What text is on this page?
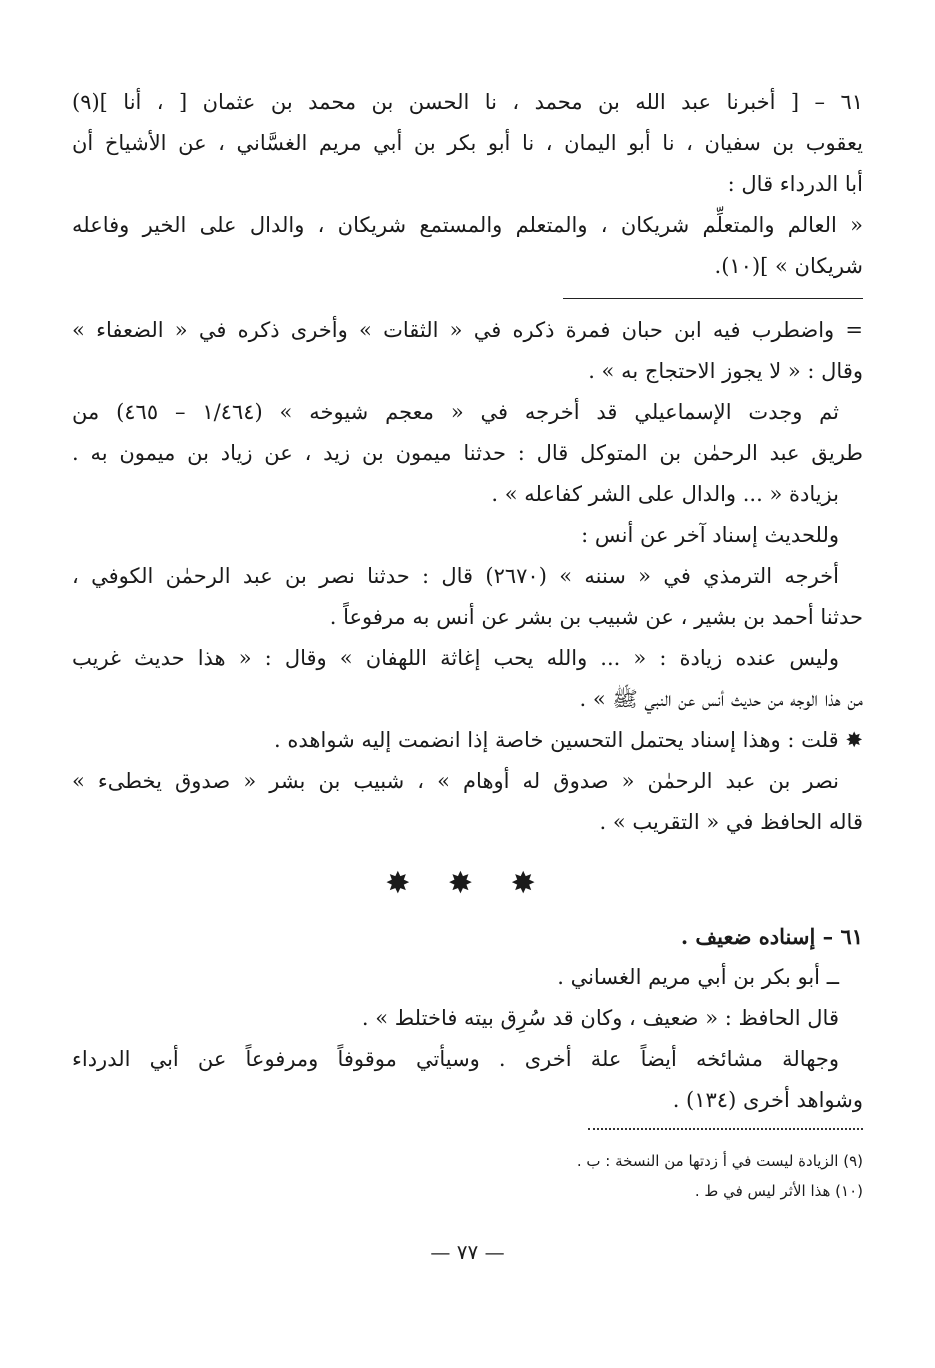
٦١ – [ أخبرنا عبد الله بن محمد ، نا الحسن بن محمد بن عثمان [ ، أنا ](٩)
يعقوب بن سفيان ، نا أبو اليمان ، نا أبو بكر بن أبي مريم الغسَّاني ، عن الأشياخ أن
أبا الدرداء قال :
« العالم والمتعلِّم شريكان ، والمتعلم والمستمع شريكان ، والدال على الخير وفاعله
شريكان » ](١٠).
= واضطرب فيه ابن حبان فمرة ذكره في « الثقات » وأخرى ذكره في « الضعفاء »
وقال : « لا يجوز الاحتجاج به » .
ثم وجدت الإسماعيلي قد أخرجه في « معجم شيوخه » (١/٤٦٤ – ٤٦٥) من
طريق عبد الرحمٰن بن المتوكل قال : حدثنا ميمون بن زيد ، عن زياد بن ميمون به .
بزيادة « ... والدال على الشر كفاعله » .
وللحديث إسناد آخر عن أنس :
أخرجه الترمذي في « سننه » (٢٦٧٠) قال : حدثنا نصر بن عبد الرحمٰن الكوفي ،
حدثنا أحمد بن بشير ، عن شبيب بن بشر عن أنس به مرفوعاً .
وليس عنده زيادة : « ... والله يحب إغاثة اللهفان » وقال : « هذا حديث غريب
من هذا الوجه من حديث أنس عن النبي ﷺ » .
✸ قلت : وهذا إسناد يحتمل التحسين خاصة إذا انضمت إليه شواهده .
نصر بن عبد الرحمٰن « صدوق له أوهام » ، شبيب بن بشر « صدوق يخطىء »
قاله الحافظ في « التقريب » .
✸ ✸ ✸
٦١ – إسناده ضعيف .
ــ أبو بكر بن أبي مريم الغساني .
قال الحافظ : « ضعيف ، وكان قد سُرِق بيته فاختلط » .
وجهالة مشائخه أيضاً علة أخرى . وسيأتي موقوفاً ومرفوعاً عن أبي الدرداء
وشواهد أخرى (١٣٤) .
(٩) الزيادة ليست في أ زدتها من النسخة : ب .
(١٠) هذا الأثر ليس في ط .
— ٧٧ —
